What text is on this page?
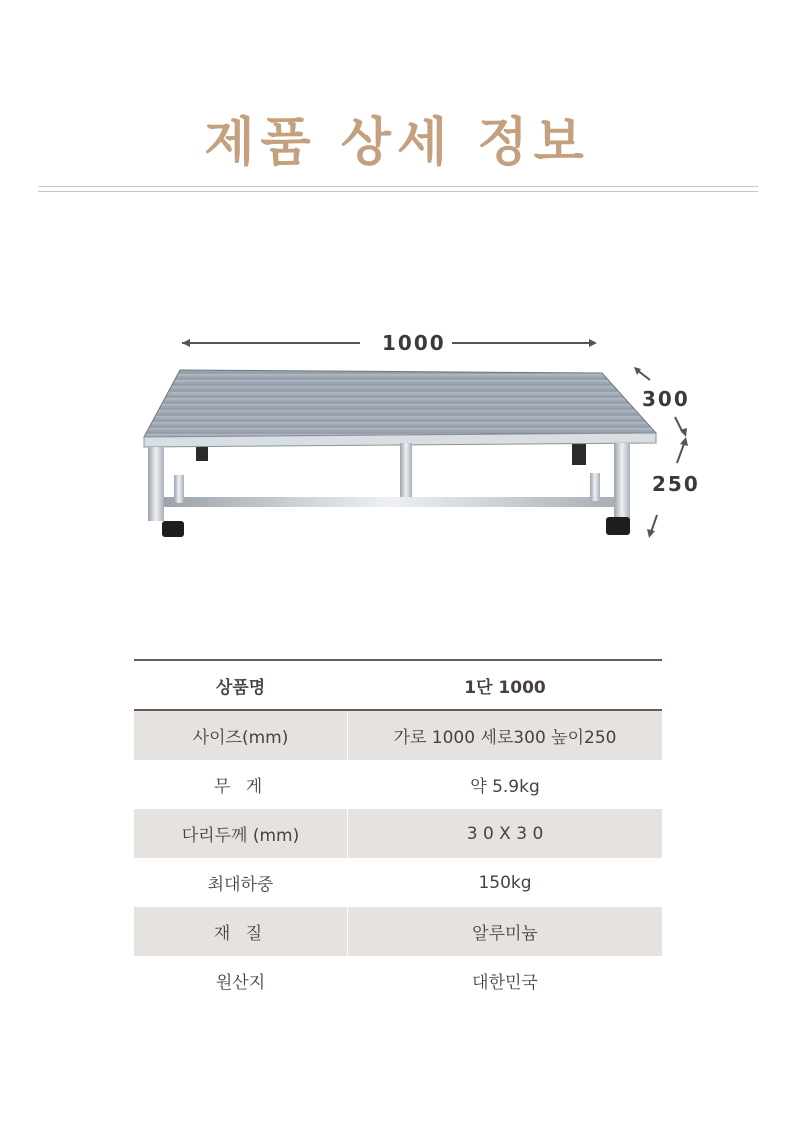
제품 상세 정보
1000
300
250
상품명	1단 1000
사이즈(mm)	가로 1000 세로300 높이250
무 게	약 5.9kg
다리두께 (mm)	3 0 X 3 0
최대하중	150kg
재 질	알루미늄
원산지	대한민국
